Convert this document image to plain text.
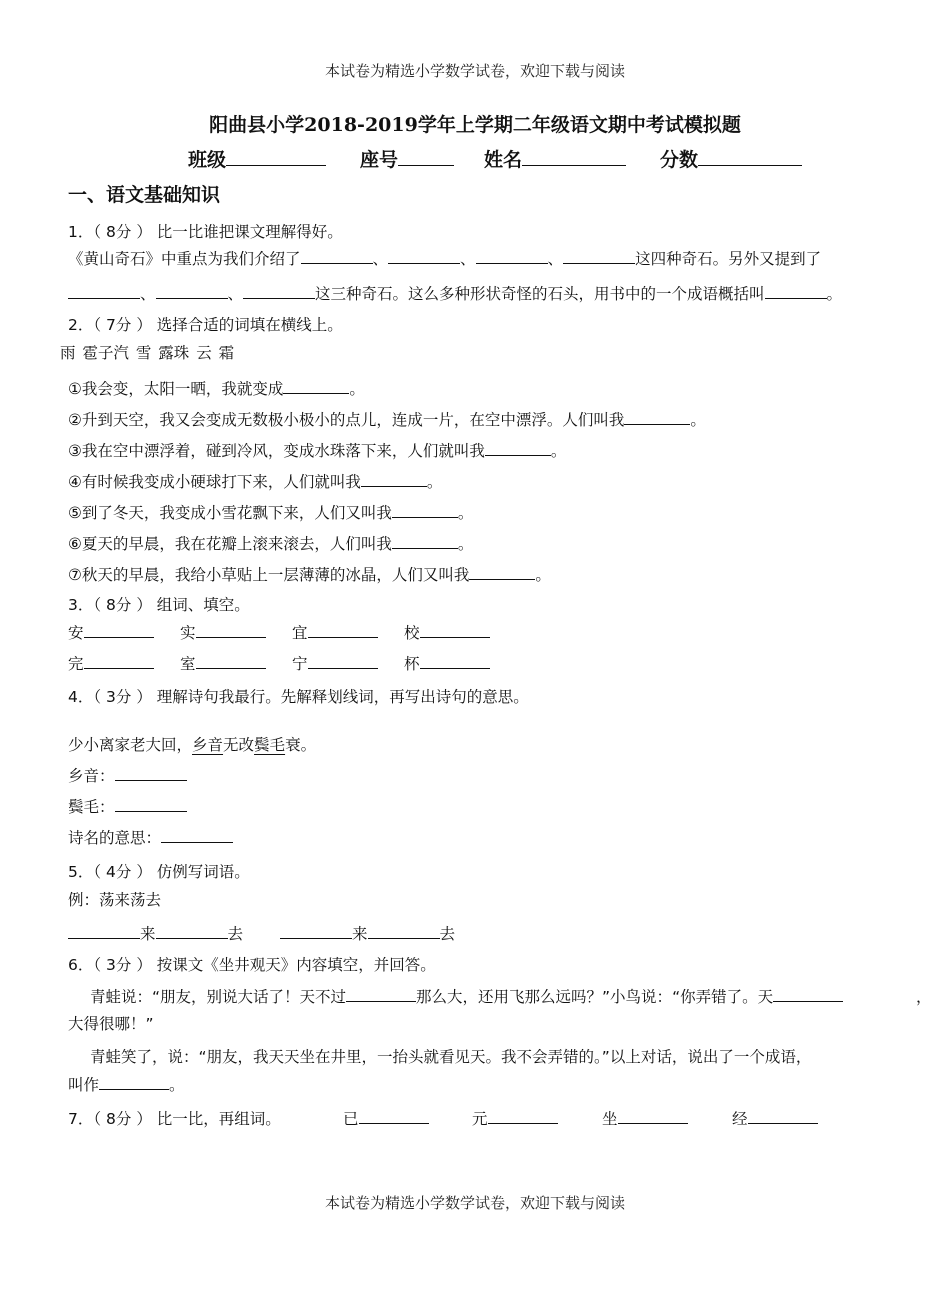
本试卷为精选小学数学试卷，欢迎下载与阅读
阳曲县小学2018-2019学年上学期二年级语文期中考试模拟题
班级	座号	姓名	分数
一、语文基础知识
1．（ 8分 ） 比一比谁把课文理解得好。
《黄山奇石》中重点为我们介绍了	、	、	、	这四种奇石。另外又提到了
、	、	这三种奇石。这么多种形状奇怪的石头，用书中的一个成语概括叫	。
2．（ 7分 ） 选择合适的词填在横线上。
雨 雹子汽 雪 露珠 云 霜
①我会变，太阳一晒，我就变成	。
②升到天空，我又会变成无数极小极小的点儿，连成一片，在空中漂浮。人们叫我	。
③我在空中漂浮着，碰到冷风，变成水珠落下来，人们就叫我	。
④有时候我变成小硬球打下来，人们就叫我	。
⑤到了冬天，我变成小雪花飘下来，人们又叫我	。
⑥夏天的早晨，我在花瓣上滚来滚去，人们叫我	。
⑦秋天的早晨，我给小草贴上一层薄薄的冰晶，人们又叫我	。
3．（ 8分 ） 组词、填空。
安	实	宜	校
完	室	宁	杯
4．（ 3分 ） 理解诗句我最行。先解释划线词，再写出诗句的意思。
少小离家老大回，乡音无改鬓毛衰。
乡音：
鬓毛：
诗名的意思：
5．（ 4分 ） 仿例写词语。
例：荡来荡去
来	去	来	去
6．（ 3分 ） 按课文《坐井观天》内容填空，并回答。
青蛙说：“朋友，别说大话了！天不过	那么大，还用飞那么远吗？”小鸟说：“你弄错了。天	，
大得很哪！”
青蛙笑了，说：“朋友，我天天坐在井里，一抬头就看见天。我不会弄错的。”以上对话，说出了一个成语，
叫作	。
7．（ 8分 ） 比一比，再组词。	已	元	坐	经
本试卷为精选小学数学试卷，欢迎下载与阅读
